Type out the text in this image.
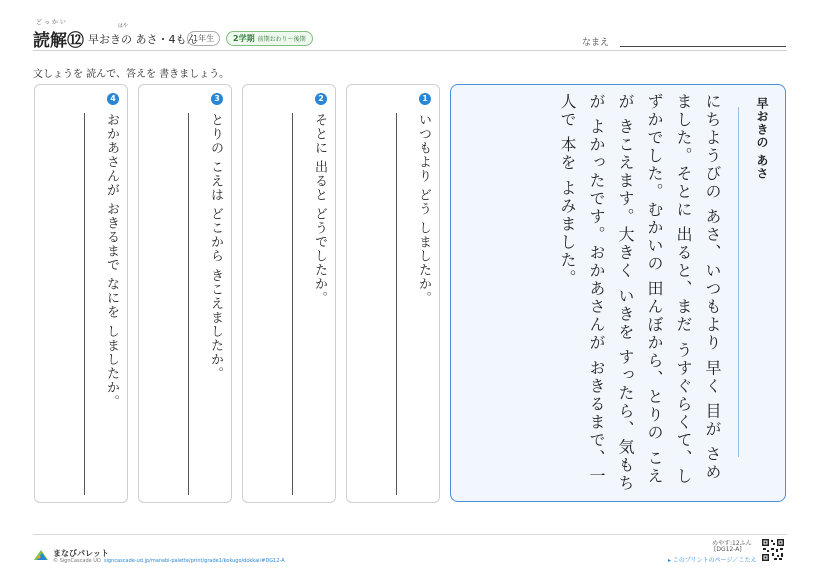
どっかい
読解⑫
はや
早おきの あさ・4もん
1年生	2学期 前期おわり〜後期	なまえ
文しょうを 読んで、答えを 書きましょう。
1
いつもより どう しましたか。
2
そとに 出ると どうでしたか。
3
とりの こえは どこから きこえましたか。
4
おかあさんが おきるまで なにを しましたか。	早おきの あさ
にちようびの あさ、いつもより 早く 目が さめました。そとに 出ると、まだ うすぐらくて、しずかでした。むかいの 田んぼから、とりの こえが きこえます。大きく いきを すったら、気もちが よかったです。おかあさんが おきるまで、一人で 本を よみました。
まなびパレット
© SignCascade UD signcascade-ud.jp/manabi-palette/print/grade1/kokugo/dokkai/#DG12-A
めやす:12ふん
[DG12-A]
▸ このプリントのページ／こたえ
